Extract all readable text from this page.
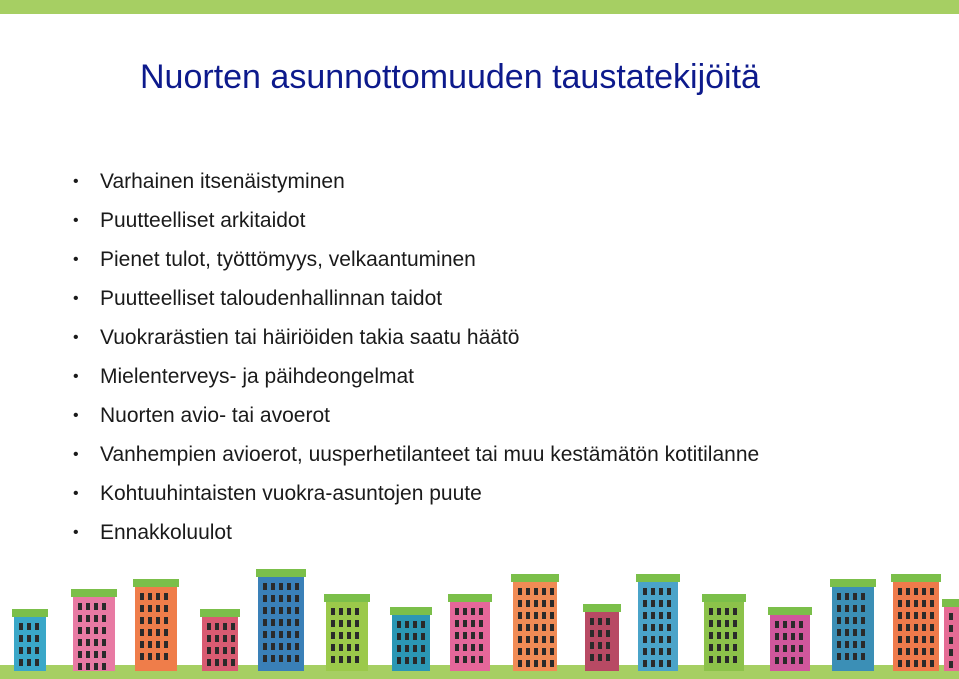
Nuorten asunnottomuuden taustatekijöitä
• Varhainen itsenäistyminen
• Puutteelliset arkitaidot
• Pienet tulot, työttömyys, velkaantuminen
• Puutteelliset taloudenhallinnan taidot
• Vuokrarästien tai häiriöiden takia saatu häätö
• Mielenterveys- ja päihdeongelmat
• Nuorten avio- tai avoerot
• Vanhempien avioerot, uusperhetilanteet tai muu kestämätön kotitilanne
• Kohtuuhintaisten vuokra-asuntojen puute
• Ennakkoluulot
